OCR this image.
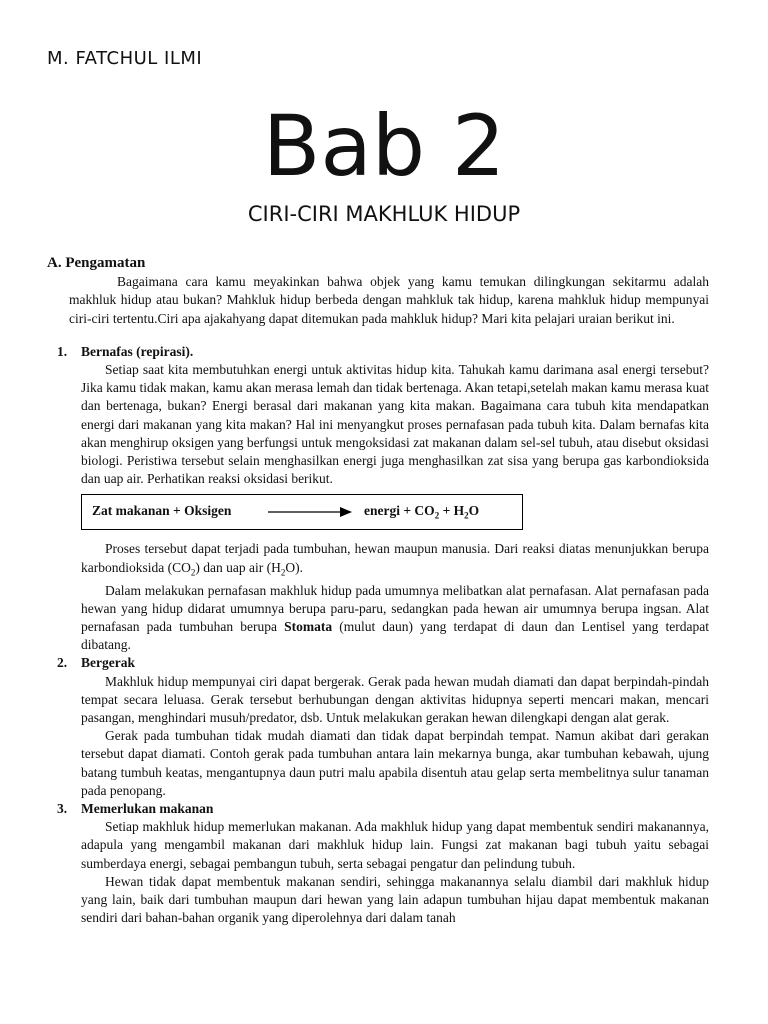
M. FATCHUL ILMI
Bab 2
CIRI-CIRI MAKHLUK HIDUP
A. Pengamatan

Bagaimana cara kamu meyakinkan bahwa objek yang kamu temukan dilingkungan sekitarmu adalah makhluk hidup atau bukan? Mahkluk hidup berbeda dengan mahkluk tak hidup, karena mahkluk hidup mempunyai ciri-ciri tertentu.Ciri apa ajakahyang dapat ditemukan pada mahkluk hidup? Mari kita pelajari uraian berikut ini.

1.	Bernafas (repirasi).

Setiap saat kita membutuhkan energi untuk aktivitas hidup kita. Tahukah kamu darimana asal energi tersebut? Jika kamu tidak makan, kamu akan merasa lemah dan tidak bertenaga. Akan tetapi,setelah makan kamu merasa kuat dan bertenaga, bukan? Energi berasal dari makanan yang kita makan. Bagaimana cara tubuh kita mendapatkan energi dari makanan yang kita makan? Hal ini menyangkut proses pernafasan pada tubuh kita. Dalam bernafas kita akan menghirup oksigen yang berfungsi untuk mengoksidasi zat makanan dalam sel-sel tubuh, atau disebut oksidasi biologi. Peristiwa tersebut selain menghasilkan energi juga menghasilkan zat sisa yang berupa gas karbondioksida dan uap air. Perhatikan reaksi oksidasi berikut.

Zat makanan + Oksigen	energi + $CO_2 + H_2O$

Proses tersebut dapat terjadi pada tumbuhan, hewan maupun manusia. Dari reaksi diatas menunjukkan berupa karbondioksida $(CO_2)$ dan uap air $(H_2O)$.

Dalam melakukan pernafasan makhluk hidup pada umumnya melibatkan alat pernafasan. Alat pernafasan pada hewan yang hidup didarat umumnya berupa paru-paru, sedangkan pada hewan air umumnya berupa ingsan. Alat pernafasan pada tumbuhan berupa Stomata (mulut daun) yang terdapat di daun dan Lentisel yang terdapat dibatang.

2.	Bergerak

Makhluk hidup mempunyai ciri dapat bergerak. Gerak pada hewan mudah diamati dan dapat berpindah-pindah tempat secara leluasa. Gerak tersebut berhubungan dengan aktivitas hidupnya seperti mencari makan, mencari pasangan, menghindari musuh/predator, dsb. Untuk melakukan gerakan hewan dilengkapi dengan alat gerak.

Gerak pada tumbuhan tidak mudah diamati dan tidak dapat berpindah tempat. Namun akibat dari gerakan tersebut dapat diamati. Contoh gerak pada tumbuhan antara lain mekarnya bunga, akar tumbuhan kebawah, ujung batang tumbuh keatas, mengantupnya daun putri malu apabila disentuh atau gelap serta membelitnya sulur tanaman pada penopang.

3.	Memerlukan makanan

Setiap makhluk hidup memerlukan makanan. Ada makhluk hidup yang dapat membentuk sendiri makanannya, adapula yang mengambil makanan dari makhluk hidup lain. Fungsi zat makanan bagi tubuh yaitu sebagai sumberdaya energi, sebagai pembangun tubuh, serta sebagai pengatur dan pelindung tubuh.

Hewan tidak dapat membentuk makanan sendiri, sehingga makanannya selalu diambil dari makhluk hidup yang lain, baik dari tumbuhan maupun dari hewan yang lain adapun tumbuhan hijau dapat membentuk makanan sendiri dari bahan-bahan organik yang diperolehnya dari dalam tanah
